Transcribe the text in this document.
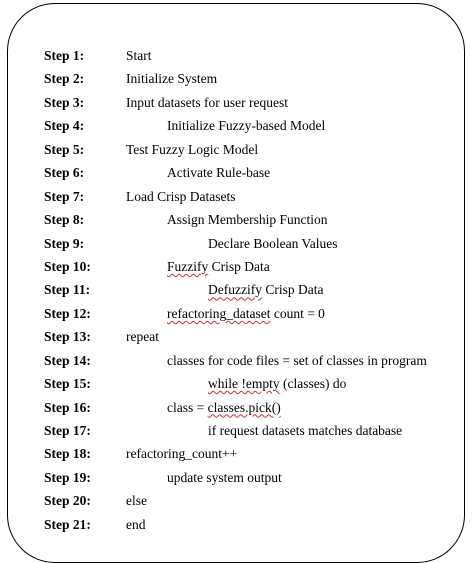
Step 1:	Start
Step 2:	Initialize System
Step 3:	Input datasets for user request
Step 4:	Initialize Fuzzy-based Model
Step 5:	Test Fuzzy Logic Model
Step 6:	Activate Rule-base
Step 7:	Load Crisp Datasets
Step 8:	Assign Membership Function
Step 9:	Declare Boolean Values
Step 10:	Fuzzify Crisp Data
Step 11:	Defuzzify Crisp Data
Step 12:	refactoring_dataset count = 0
Step 13:	repeat
Step 14:	classes for code files = set of classes in program
Step 15:	while !empty (classes) do
Step 16:	class = classes.pick()
Step 17:	if request datasets matches database
Step 18:	refactoring_count++
Step 19:	update system output
Step 20:	else
Step 21:	end
